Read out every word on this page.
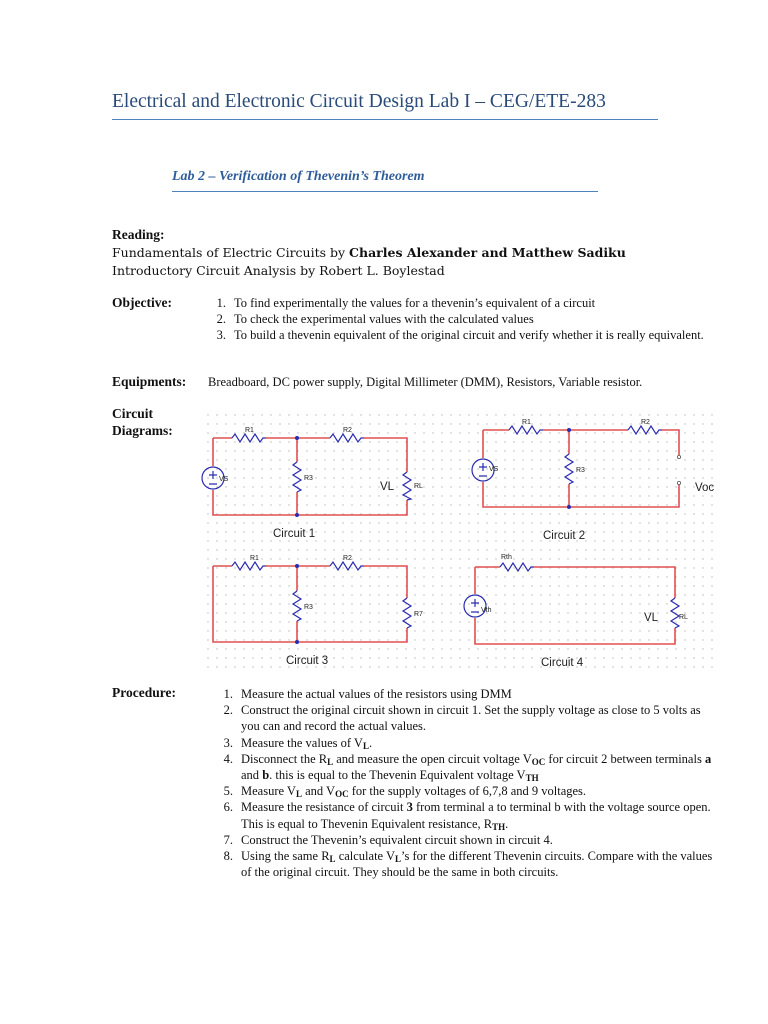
Electrical and Electronic Circuit Design Lab I – CEG/ETE-283
Lab 2 – Verification of Thevenin’s Theorem
Reading:
Fundamentals of Electric Circuits by Charles Alexander and Matthew Sadiku
Introductory Circuit Analysis by Robert L. Boylestad
Objective:	1. To find experimentally the values for a thevenin’s equivalent of a circuit
2. To check the experimental values with the calculated values
3. To build a thevenin equivalent of the original circuit and verify whether it is really equivalent.
Equipments: Breadboard, DC power supply, Digital Millimeter (DMM), Resistors, Variable resistor.
Circuit
Diagrams:	R1	R2
R3
RL
VS
R1	R2
R3
VS
R1	R2
R3
R7
Rth
Vth
RL
VL	Voc
VL
Circuit 1	Circuit 2
Circuit 3	Circuit 4
Procedure:	1. Measure the actual values of the resistors using DMM
2. Construct the original circuit shown in circuit 1. Set the supply voltage as close to 5 volts as you can and record the actual values.
3. Measure the values of $V_L$.
4. Disconnect the $R_L$ and measure the open circuit voltage $V_{OC}$ for circuit 2 between terminals a and b. this is equal to the Thevenin Equivalent voltage $V_{TH}$
5. Measure $V_L$ and $V_{OC}$ for the supply voltages of 6,7,8 and 9 voltages.
6. Measure the resistance of circuit 3 from terminal a to terminal b with the voltage source open. This is equal to Thevenin Equivalent resistance, $R_{TH}$.
7. Construct the Thevenin’s equivalent circuit shown in circuit 4.
8. Using the same $R_L$ calculate $V_L’s$ for the different Thevenin circuits. Compare with the values of the original circuit. They should be the same in both circuits.
